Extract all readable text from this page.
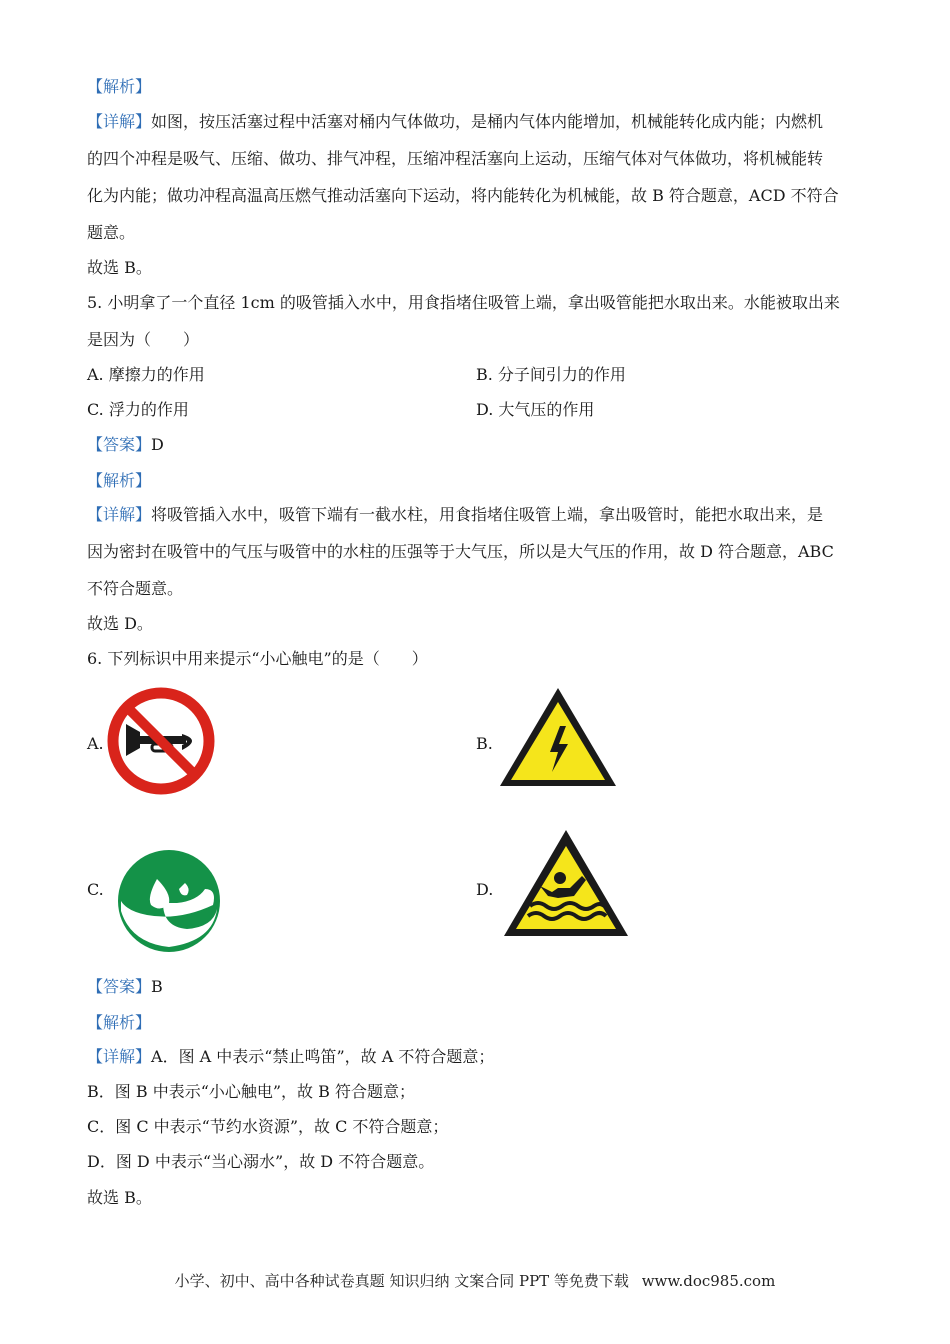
【解析】
【详解】如图，按压活塞过程中活塞对桶内气体做功，是桶内气体内能增加，机械能转化成内能；内燃机
的四个冲程是吸气、压缩、做功、排气冲程，压缩冲程活塞向上运动，压缩气体对气体做功，将机械能转
化为内能；做功冲程高温高压燃气推动活塞向下运动，将内能转化为机械能，故 B 符合题意，ACD 不符合
题意。
故选 B。
5. 小明拿了一个直径 1cm 的吸管插入水中，用食指堵住吸管上端，拿出吸管能把水取出来。水能被取出来
是因为（　　）
A. 摩擦力的作用	B. 分子间引力的作用
C. 浮力的作用	D. 大气压的作用
【答案】D
【解析】
【详解】将吸管插入水中，吸管下端有一截水柱，用食指堵住吸管上端，拿出吸管时，能把水取出来，是
因为密封在吸管中的气压与吸管中的水柱的压强等于大气压，所以是大气压的作用，故 D 符合题意，ABC
不符合题意。
故选 D。
6. 下列标识中用来提示“小心触电”的是（　　）
A.	B.
C.	D.
【答案】B
【解析】
【详解】A．图 A 中表示“禁止鸣笛”，故 A 不符合题意；
B．图 B 中表示“小心触电”，故 B 符合题意；
C．图 C 中表示“节约水资源”，故 C 不符合题意；
D．图 D 中表示“当心溺水”，故 D 不符合题意。
故选 B。
小学、初中、高中各种试卷真题 知识归纳 文案合同 PPT 等免费下载 www.doc985.com
